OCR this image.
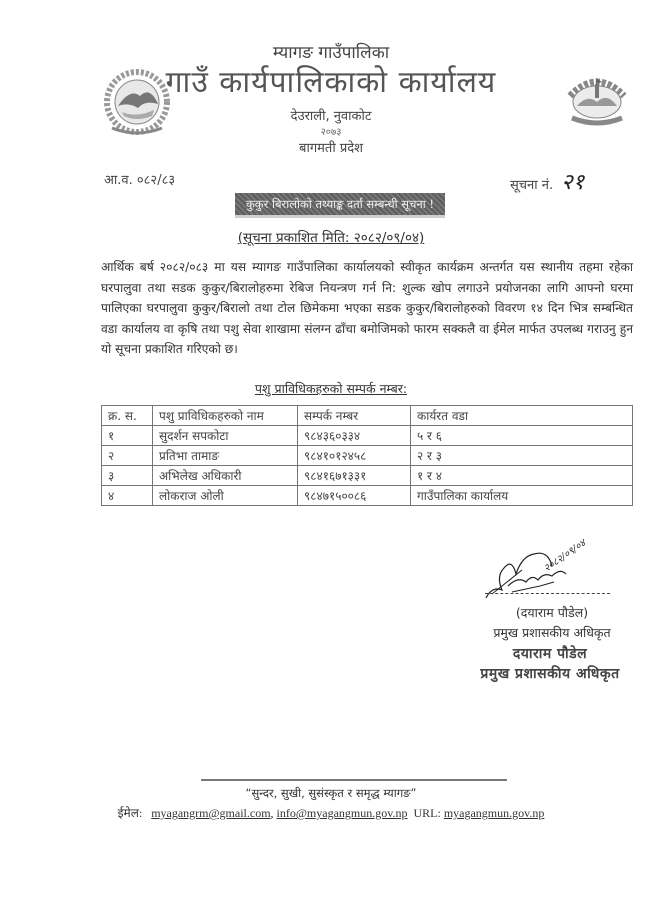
म्यागङ गाउँपालिका
गाउँ कार्यपालिकाको कार्यालय
देउराली, नुवाकोट
२०७३
बागमती प्रदेश
आ.व. ०८२/८३	सूचना नं. २१
कुकुर बिरालोको तथ्याङ्क दर्ता सम्बन्धी सूचना !
(सूचना प्रकाशित मिति: २०८२/०९/०४)
आर्थिक बर्ष २०८२/०८३ मा यस म्यागङ गाउँपालिका कार्यालयको स्वीकृत कार्यक्रम अन्तर्गत यस स्थानीय तहमा रहेका घरपालुवा तथा सडक कुकुर/बिरालोहरुमा रेबिज नियन्त्रण गर्न नि: शुल्क खोप लगाउने प्रयोजनका लागि आफ्नो घरमा पालिएका घरपालुवा कुकुर/बिरालो तथा टोल छिमेकमा भएका सडक कुकुर/बिरालोहरुको विवरण १४ दिन भित्र सम्बन्धित वडा कार्यालय वा कृषि तथा पशु सेवा शाखामा संलग्न ढाँचा बमोजिमको फारम सक्कलै वा ईमेल मार्फत उपलब्ध गराउनु हुन यो सूचना प्रकाशित गरिएको छ।
पशु प्राविधिकहरुको सम्पर्क नम्बर:
क्र. स.	पशु प्राविधिकहरुको नाम	सम्पर्क नम्बर	कार्यरत वडा
१	सुदर्शन सपकोटा	९८४३६०३३४	५ र ६
२	प्रतिभा तामाङ	९८४१०१२४५८	२ र ३
३	अभिलेख अधिकारी	९८४१६७१३३१	१ र ४
४	लोकराज ओली	९८४७१५००८६	गाउँपालिका कार्यालय
२०८२/०९/०४
(दयाराम पौडेल)
प्रमुख प्रशासकीय अधिकृत
दयाराम पौडेल
प्रमुख प्रशासकीय अधिकृत
“सुन्दर, सुखी, सुसंस्कृत र समृद्ध म्यागङ”
ईमेल: myagangrm@gmail.com, info@myagangmun.gov.np URL: myagangmun.gov.np
